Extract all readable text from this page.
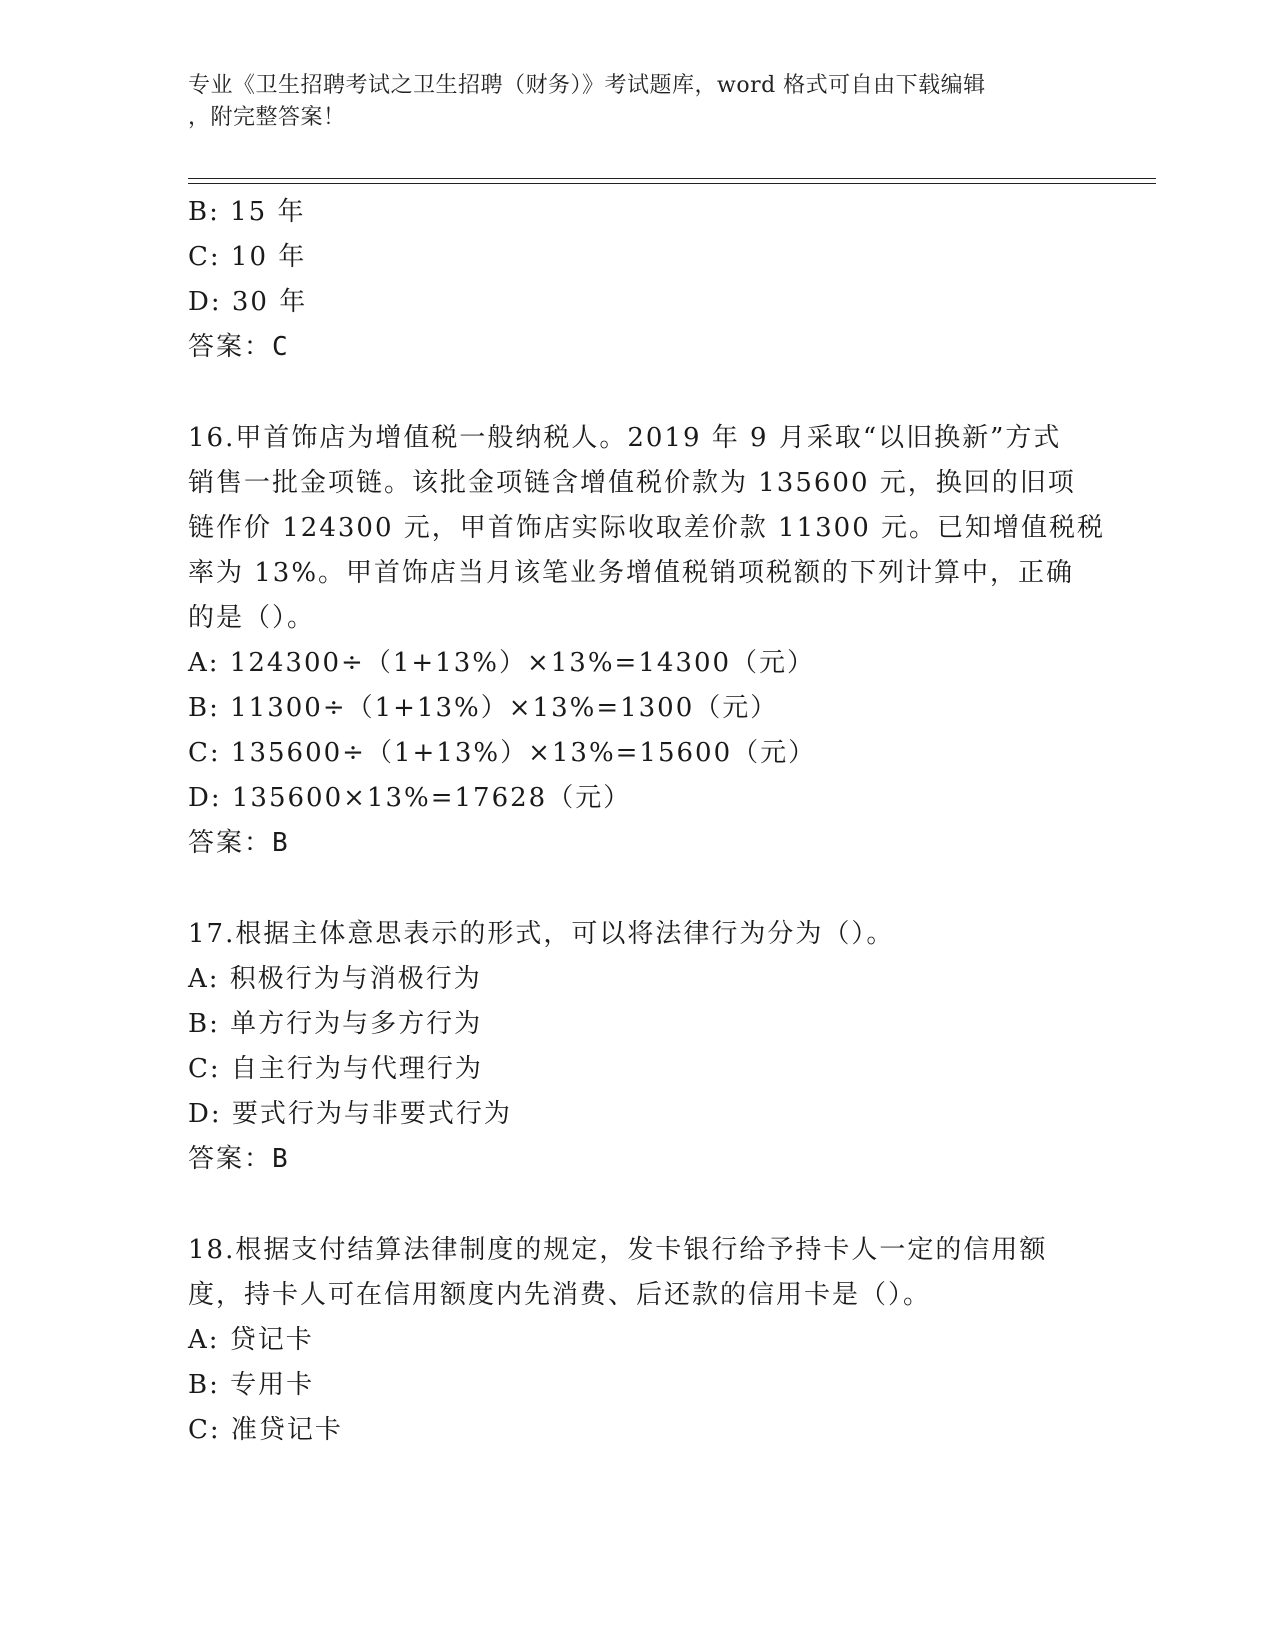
专业《卫生招聘考试之卫生招聘（财务）》考试题库，word 格式可自由下载编辑
，附完整答案！
B: 15 年
C: 10 年
D: 30 年
答案：C
16.甲首饰店为增值税一般纳税人。2019 年 9 月采取“以旧换新”方式
销售一批金项链。该批金项链含增值税价款为 135600 元，换回的旧项
链作价 124300 元，甲首饰店实际收取差价款 11300 元。已知增值税税
率为 13%。甲首饰店当月该笔业务增值税销项税额的下列计算中，正确
的是（）。
A: 124300÷（1+13%）×13%=14300（元）
B: 11300÷（1+13%）×13%=1300（元）
C: 135600÷（1+13%）×13%=15600（元）
D: 135600×13%=17628（元）
答案：B
17.根据主体意思表示的形式，可以将法律行为分为（）。
A: 积极行为与消极行为
B: 单方行为与多方行为
C: 自主行为与代理行为
D: 要式行为与非要式行为
答案：B
18.根据支付结算法律制度的规定，发卡银行给予持卡人一定的信用额
度，持卡人可在信用额度内先消费、后还款的信用卡是（）。
A: 贷记卡
B: 专用卡
C: 准贷记卡
